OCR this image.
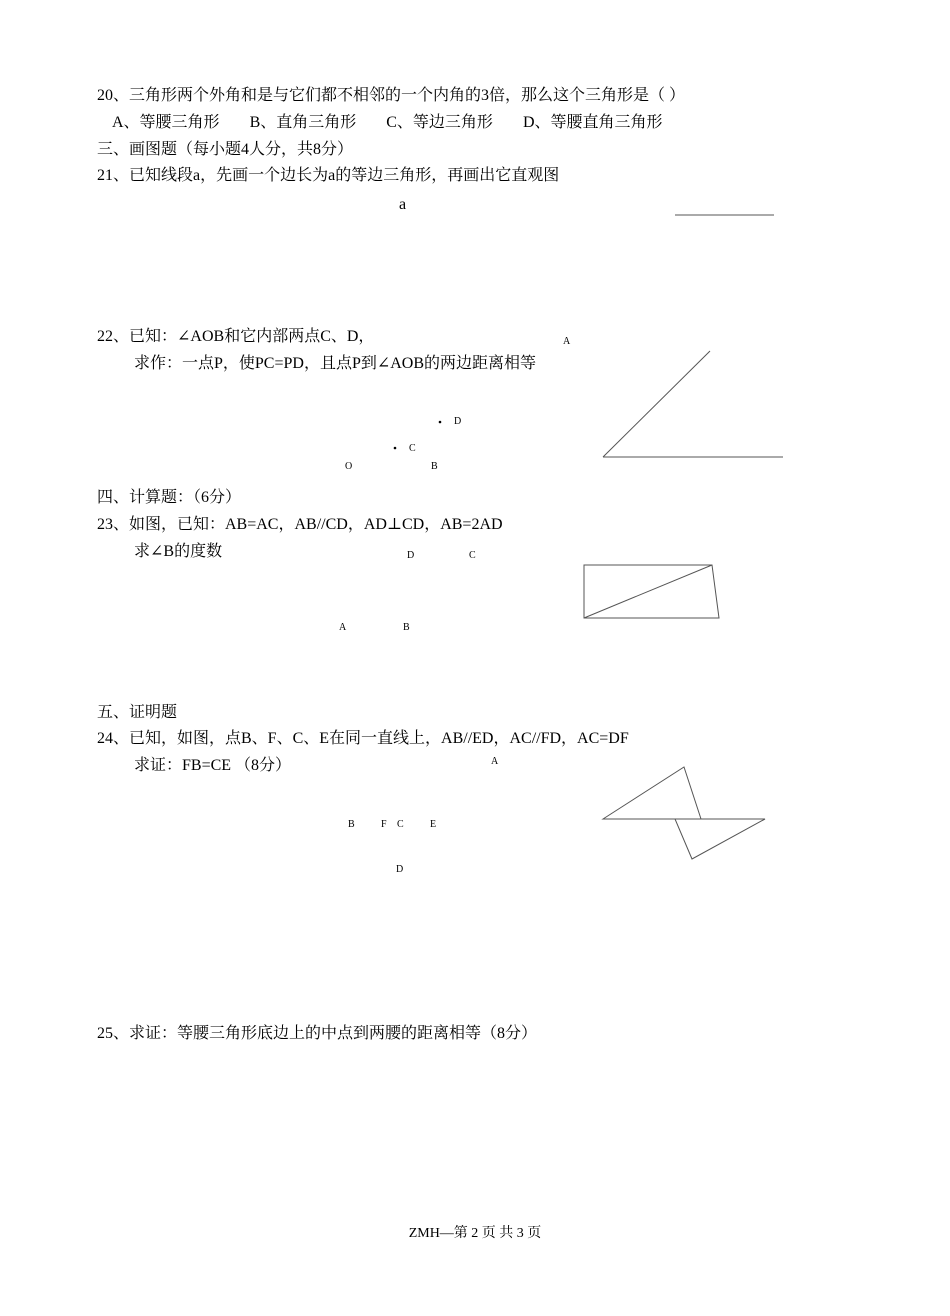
20、三角形两个外角和是与它们都不相邻的一个内角的3倍，那么这个三角形是（ ）
A、等腰三角形 B、直角三角形 C、等边三角形 D、等腰直角三角形
三、画图题（每小题4人分，共8分）
21、已知线段a，先画一个边长为a的等边三角形，再画出它直观图
a
22、已知：∠AOB和它内部两点C、D，
求作：一点P，使PC=PD，且点P到∠AOB的两边距离相等
A
D
C
O	B
四、计算题：（6分）
23、如图，已知：AB=AC，AB//CD，AD⊥CD，AB=2AD
求∠B的度数	D	C
A	B
五、证明题
24、已知，如图，点B、F、C、E在同一直线上，AB//ED，AC//FD，AC=DF
求证：FB=CE （8分）	A
B	F C	E
D
25、求证：等腰三角形底边上的中点到两腰的距离相等（8分）
ZMH—第 2 页 共 3 页
